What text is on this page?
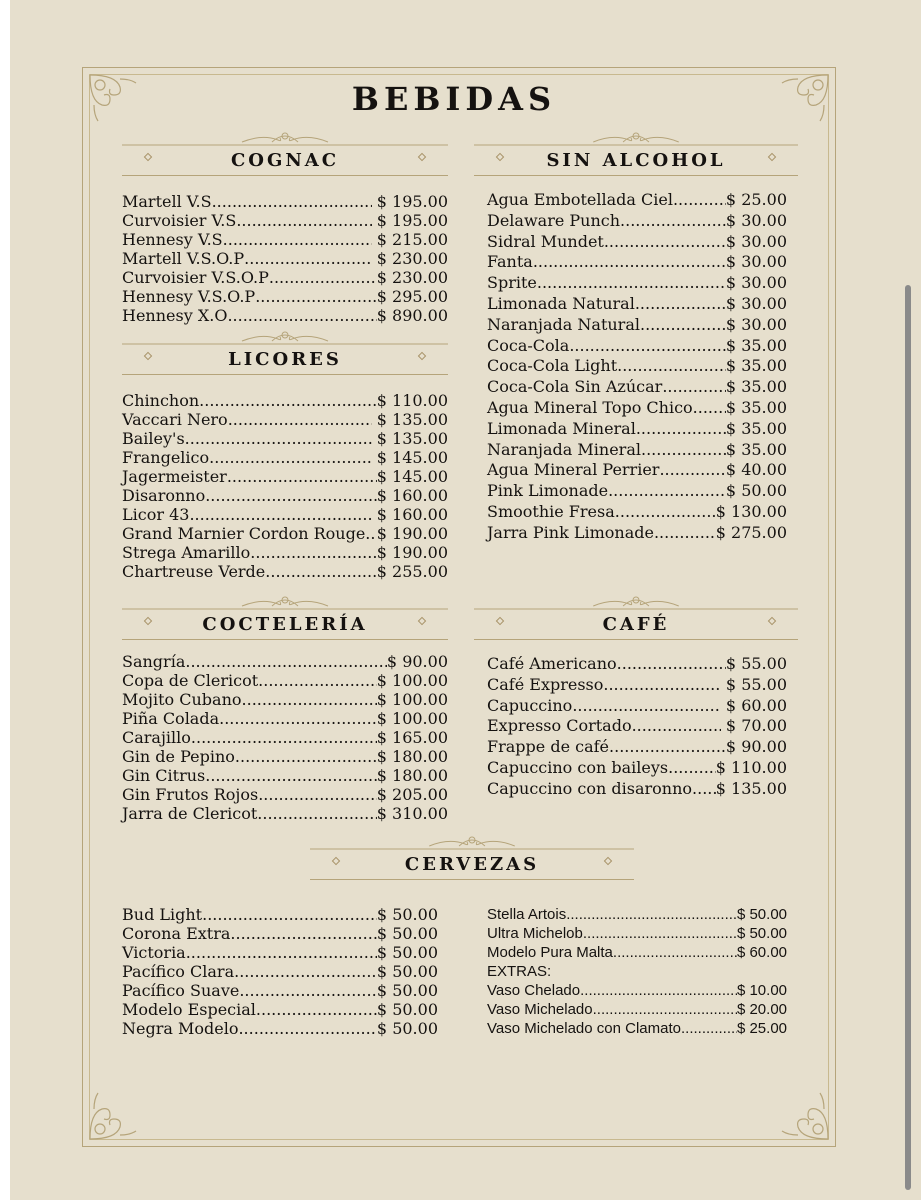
BEBIDAS
COGNAC
Martell V.S .....	$ 195.00
Curvoisier V.S .....	$ 195.00
Hennesy V.S .....	$ 215.00
Martell V.S.O.P .....	$ 230.00
Curvoisier V.S.O.P .....	$ 230.00
Hennesy V.S.O.P .....	$ 295.00
Hennesy X.O .....	$ 890.00
LICORES
Chinchon .....	$ 110.00
Vaccari Nero .....	$ 135.00
Bailey's .....	$ 135.00
Frangelico .....	$ 145.00
Jagermeister .....	$ 145.00
Disaronno .....	$ 160.00
Licor 43 .....	$ 160.00
Grand Marnier Cordon Rouge ..... $ 190.00
Strega Amarillo .....	$ 190.00
Chartreuse Verde .....	$ 255.00
SIN ALCOHOL
Agua Embotellada Ciel .....	$ 25.00
Delaware Punch .....	$ 30.00
Sidral Mundet .....	$ 30.00
Fanta .....	$ 30.00
Sprite .....	$ 30.00
Limonada Natural .....	$ 30.00
Naranjada Natural .....	$ 30.00
Coca-Cola .....	$ 35.00
Coca-Cola Light .....	$ 35.00
Coca-Cola Sin Azúcar .....	$ 35.00
Agua Mineral Topo Chico ..... $ 35.00
Limonada Mineral .....	$ 35.00
Naranjada Mineral .....	$ 35.00
Agua Mineral Perrier .....	$ 40.00
Pink Limonade .....	$ 50.00
Smoothie Fresa .....	$ 130.00
Jarra Pink Limonade .....	$ 275.00
COCTELERÍA
Sangría .....	$ 90.00
Copa de Clericot .....	$ 100.00
Mojito Cubano .....	$ 100.00
Piña Colada .....	$ 100.00
Carajillo .....	$ 165.00
Gin de Pepino .....	$ 180.00
Gin Citrus .....	$ 180.00
Gin Frutos Rojos .....	$ 205.00
Jarra de Clericot .....	$ 310.00
CAFÉ
Café Americano .....	$ 55.00
Café Expresso .....	$ 55.00
Capuccino .....	$ 60.00
Expresso Cortado .....	$ 70.00
Frappe de café .....	$ 90.00
Capuccino con baileys .....	$ 110.00
Capuccino con disaronno ..... $ 135.00
CERVEZAS
Bud Light .....	$ 50.00
Corona Extra .....	$ 50.00
Victoria .....	$ 50.00
Pacífico Clara .....	$ 50.00
Pacífico Suave .....	$ 50.00
Modelo Especial .....	$ 50.00
Negra Modelo .....	$ 50.00
Stella Artois .....	$ 50.00
Ultra Michelob .....	$ 50.00
Modelo Pura Malta .....	$ 60.00
EXTRAS:
Vaso Chelado .....	$ 10.00
Vaso Michelado .....	$ 20.00
Vaso Michelado con Clamato .....	$ 25.00
